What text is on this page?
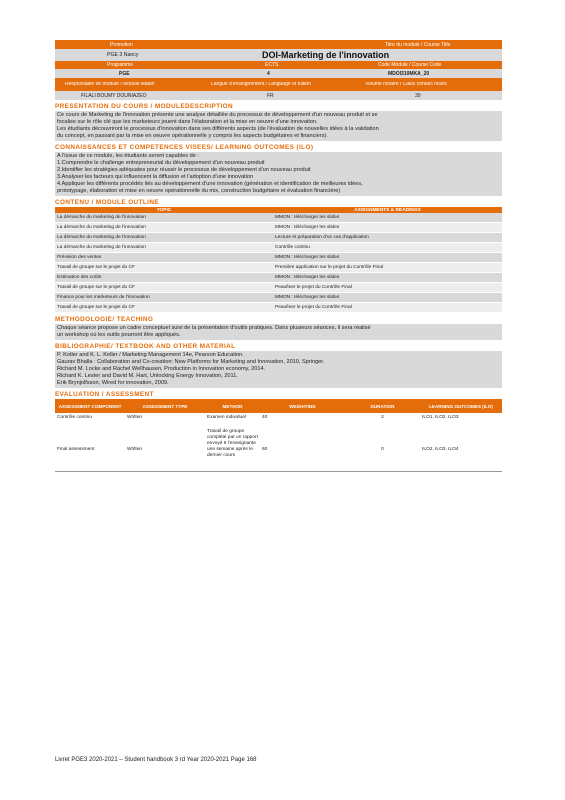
Promotion	Titre du module / Course Title
PGE 3 Nancy	DOI-Marketing de l'innovation
Programme	ECTS	Code Module / Course Code
PGE	4	MDOI310MKA_20
Responsable de module / Module leader	Langue d'enseignement / Language of tuition	Volume horaire / Class contact hours
FILALI BOUMY DOUNIAZEO	FR	30
PRESENTATION DU COURS / MODULEDESCRIPTION
Ce cours de Marketing de l'innovation présente une analyse détaillée du processus de développement d'un nouveau produit et se
focalise sur le rôle clé que les marketeurs jouent dans l'élaboration et la mise en oeuvre d'une innovation.
Les étudiants découvriront le processus d'innovation dans ses différents aspects (de l'évaluation de nouvelles idées à la validation
du concept, en passant par la mise en oeuvre opérationnelle y compris les aspects budgétaires et financiers).
CONNAISSANCES ET COMPETENCES VISEES/ LEARNING OUTCOMES (ILO)
A l'issue de ce module, les étudiants seront capables de :
1.Comprendre le challenge entrepreneurial du développement d'un nouveau produit
2.Identifier les stratégies adéquates pour réussir le processus de développement d'un nouveau produit
3.Analyser les facteurs qui influencent la diffusion et l'adoption d'une innovation
4.Appliquer les différents procédés liés au développement d'une innovation (génération et identification de meilleures idées,
prototypage, élaboration et mise en oeuvre opérationnelle du mix, construction budgétaire et évaluation financière)
CONTENU / MODULE OUTLINE
TOPIC	ASSIGNMENTS & READINGS
La démarche du marketing de l'innovation	MMON : télécharger les slides
La démarche du marketing de l'innovation	MMON : télécharger les slides
La démarche du marketing de l'innovation	Lecture et préparation d'un cas d'application
La démarche du marketing de l'innovation	Contrôle continu
Prévision des ventes	MMON : télécharger les slides
Travail de groupe sur le projet du CF	Première application sur le projet du Contrôle Final
Estimation des coûts	MMON : télécharger les slides
Travail de groupe sur le projet du CF	Peaufiner le projet du Contrôle Final
Finance pour les marketeurs de l'innovation	MMON : télécharger les slides
Travail de groupe sur le projet du CF	Peaufiner le projet du Contrôle Final
METHODOLOGIE/ TEACHING
Chaque séance propose un cadre conceptuel suivi de la présentation d'outils pratiques. Dans plusieurs séances, il sera réalisé
un workshop où les outils pourront être appliqués.
BIBLIOGRAPHIE/ TEXTBOOK AND OTHER MATERIAL
P. Kotler and K. L. Keller / Marketing Management 14e, Pearson Education.
Gaurav Bhalla : Collaboration and Co-creation: New Platforms for Marketing and Innovation, 2010, Springer.
Richard M. Locke and Rachel Wellhausen, Production in Innovation economy, 2014.
Richard K. Lester and David M. Hart, Unlocking Energy Innovation, 2011.
Erik Brynjolfsson, Wired for innovation, 2009.
EVALUATION / ASSESSMENT
ASSESSMENT COMPONENT	ASSESSMENT TYPE	METHOD	WEIGHTING	DURATION	LEARNING OUTCOMES (ILO)
Contrôle continu	Written	Examen individuel	40	2	ILO1, ILO2, ILO3
Final assessment	Written	Travail de groupe complété par un rapport envoyé 8 l'enseignante une semaine après le dernier cours	60	0	ILO2, ILO3, ILO4
Livret PGE3 2020-2021 – Student handbook 3 rd Year 2020-2021 Page 168
